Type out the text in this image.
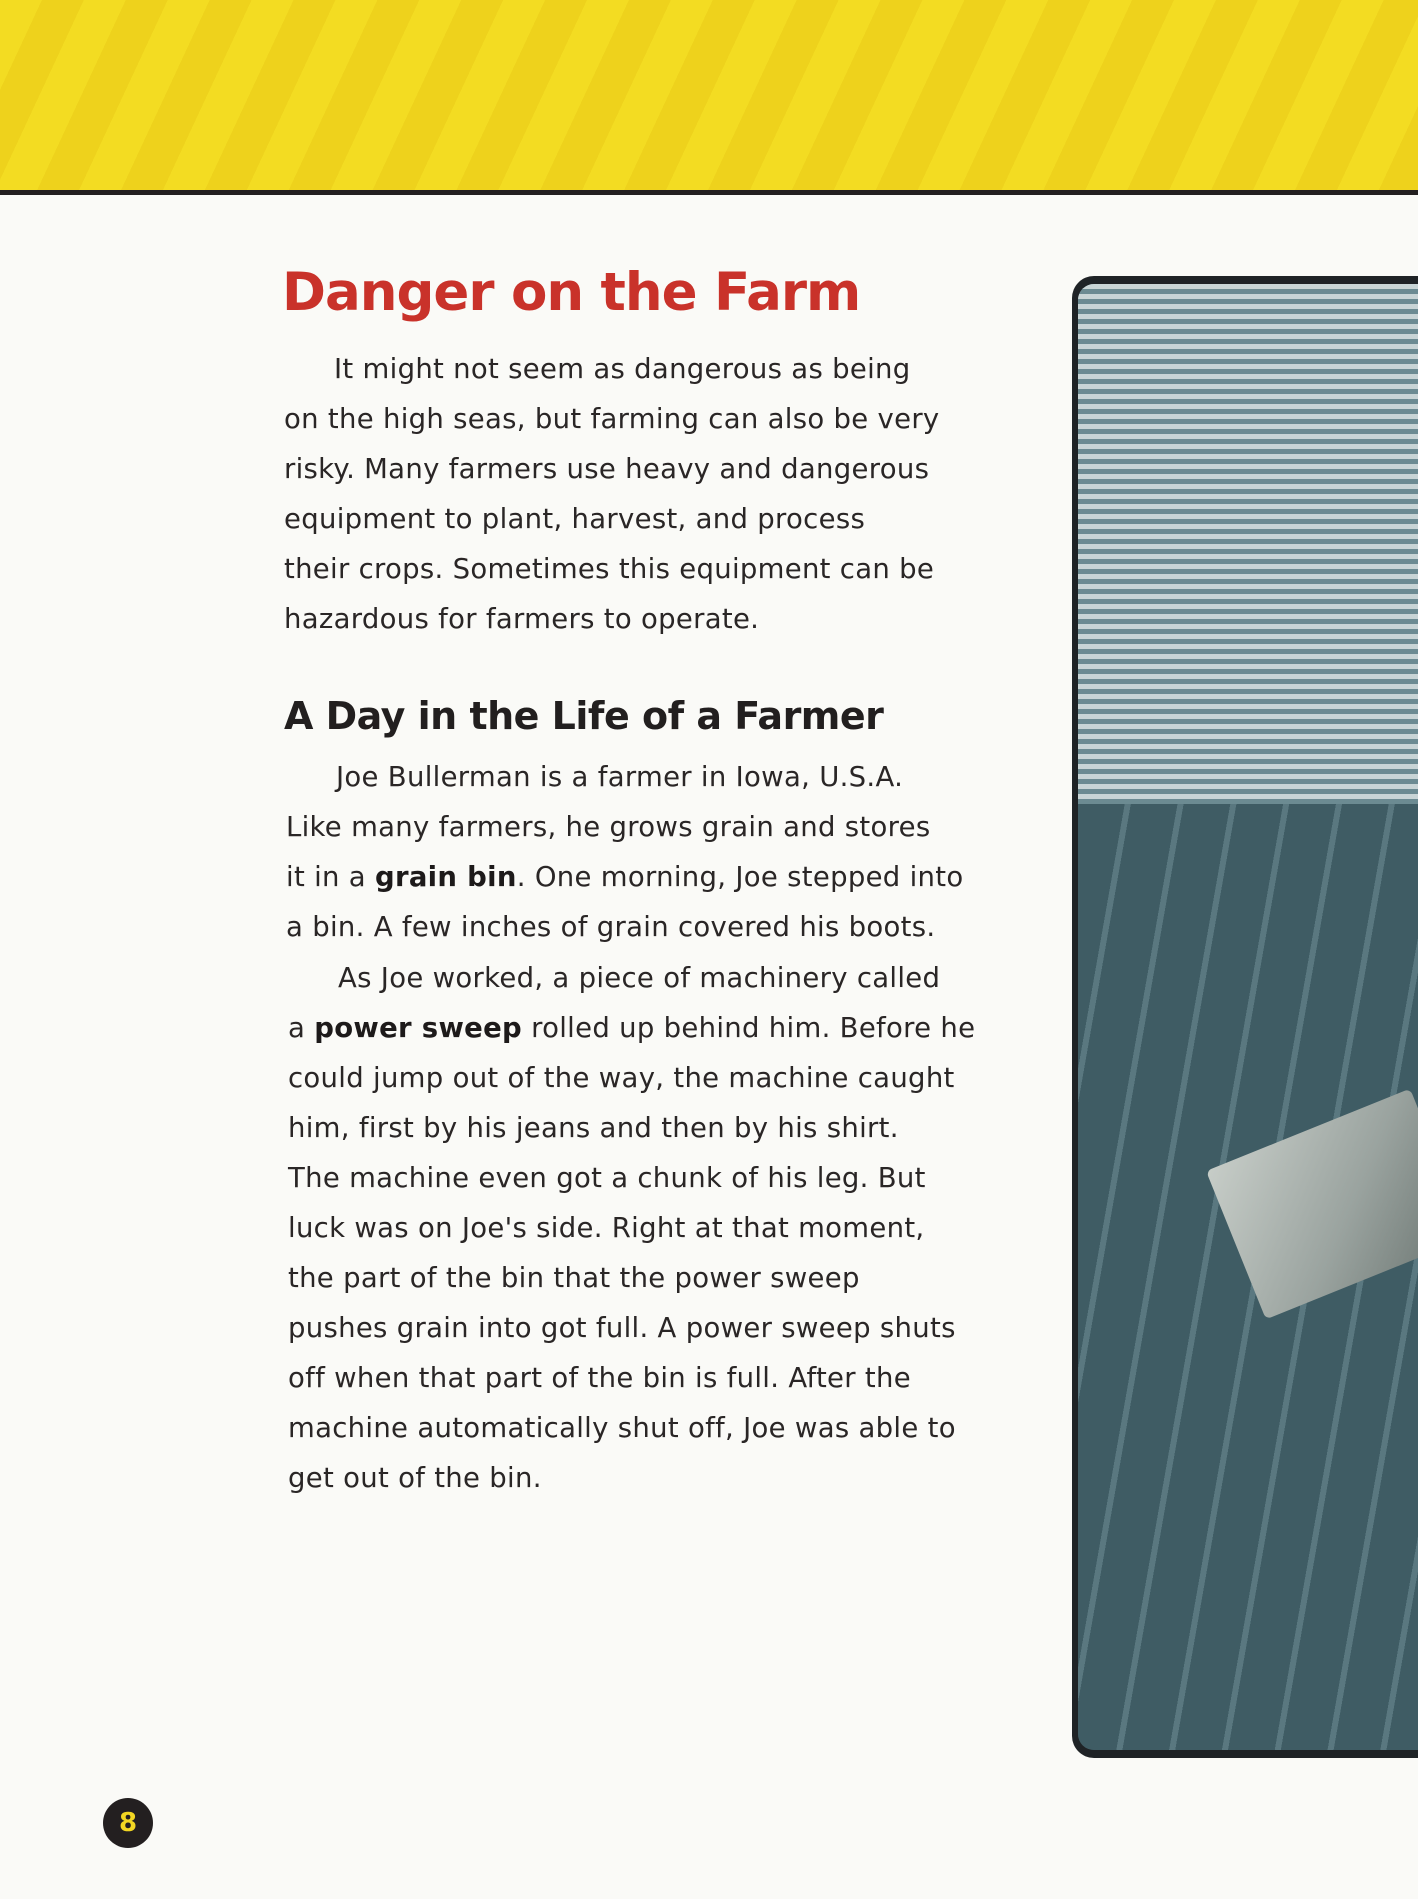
Danger on the Farm

It might not seem as dangerous as being
on the high seas, but farming can also be very
risky. Many farmers use heavy and dangerous
equipment to plant, harvest, and process
their crops. Sometimes this equipment can be
hazardous for farmers to operate.

A Day in the Life of a Farmer

Joe Bullerman is a farmer in Iowa, U.S.A.
Like many farmers, he grows grain and stores
it in a grain bin. One morning, Joe stepped into
a bin. A few inches of grain covered his boots.

As Joe worked, a piece of machinery called
a power sweep rolled up behind him. Before he
could jump out of the way, the machine caught
him, first by his jeans and then by his shirt.
The machine even got a chunk of his leg. But
luck was on Joe's side. Right at that moment,
the part of the bin that the power sweep
pushes grain into got full. A power sweep shuts
off when that part of the bin is full. After the
machine automatically shut off, Joe was able to
get out of the bin.

8
